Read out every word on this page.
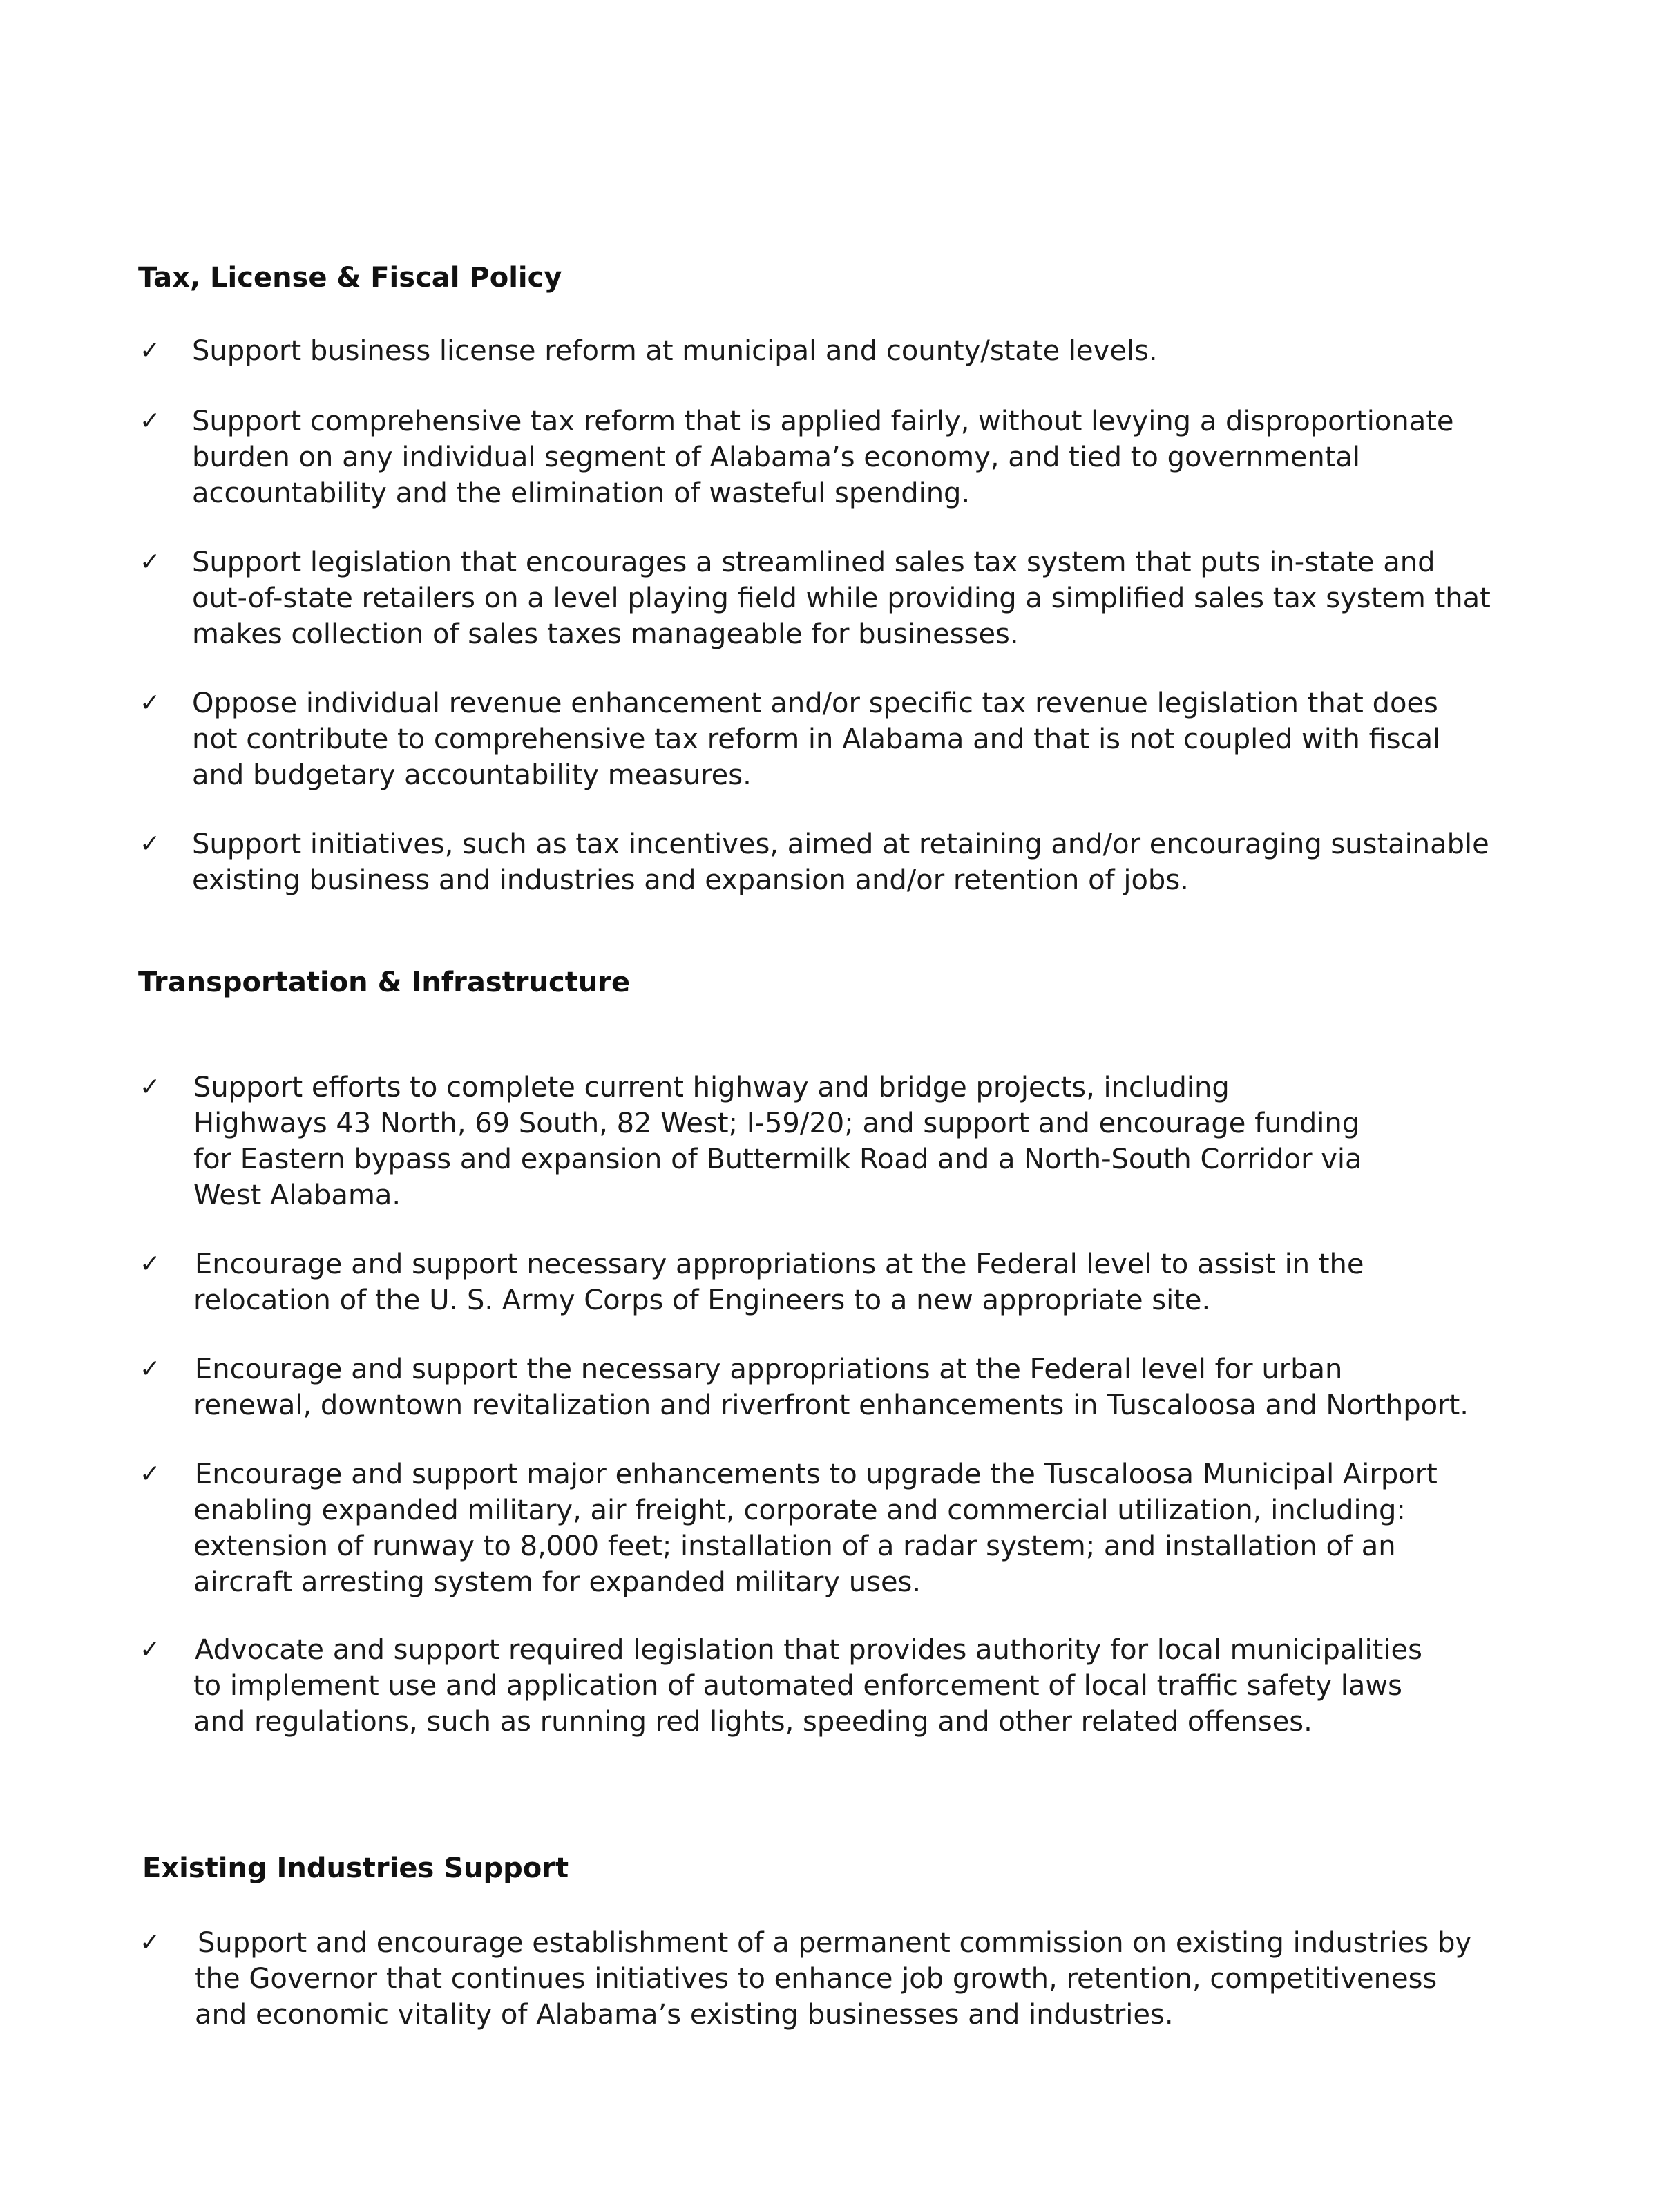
Tax, License & Fiscal Policy
✓ Support business license reform at municipal and county/state levels.
✓ Support comprehensive tax reform that is applied fairly, without levying a disproportionate
burden on any individual segment of Alabama’s economy, and tied to governmental
accountability and the elimination of wasteful spending.
✓ Support legislation that encourages a streamlined sales tax system that puts in-state and
out-of-state retailers on a level playing field while providing a simplified sales tax system that
makes collection of sales taxes manageable for businesses.
✓ Oppose individual revenue enhancement and/or specific tax revenue legislation that does
not contribute to comprehensive tax reform in Alabama and that is not coupled with fiscal
and budgetary accountability measures.
✓ Support initiatives, such as tax incentives, aimed at retaining and/or encouraging sustainable
existing business and industries and expansion and/or retention of jobs.
Transportation & Infrastructure
✓ Support efforts to complete current highway and bridge projects, including
Highways 43 North, 69 South, 82 West; I-59/20; and support and encourage funding
for Eastern bypass and expansion of Buttermilk Road and a North-South Corridor via
West Alabama.
✓ Encourage and support necessary appropriations at the Federal level to assist in the
relocation of the U. S. Army Corps of Engineers to a new appropriate site.
✓ Encourage and support the necessary appropriations at the Federal level for urban
renewal, downtown revitalization and riverfront enhancements in Tuscaloosa and Northport.
✓ Encourage and support major enhancements to upgrade the Tuscaloosa Municipal Airport
enabling expanded military, air freight, corporate and commercial utilization, including:
extension of runway to 8,000 feet; installation of a radar system; and installation of an
aircraft arresting system for expanded military uses.
✓ Advocate and support required legislation that provides authority for local municipalities
to implement use and application of automated enforcement of local traffic safety laws
and regulations, such as running red lights, speeding and other related offenses.
Existing Industries Support
✓ Support and encourage establishment of a permanent commission on existing industries by
the Governor that continues initiatives to enhance job growth, retention, competitiveness
and economic vitality of Alabama’s existing businesses and industries.
